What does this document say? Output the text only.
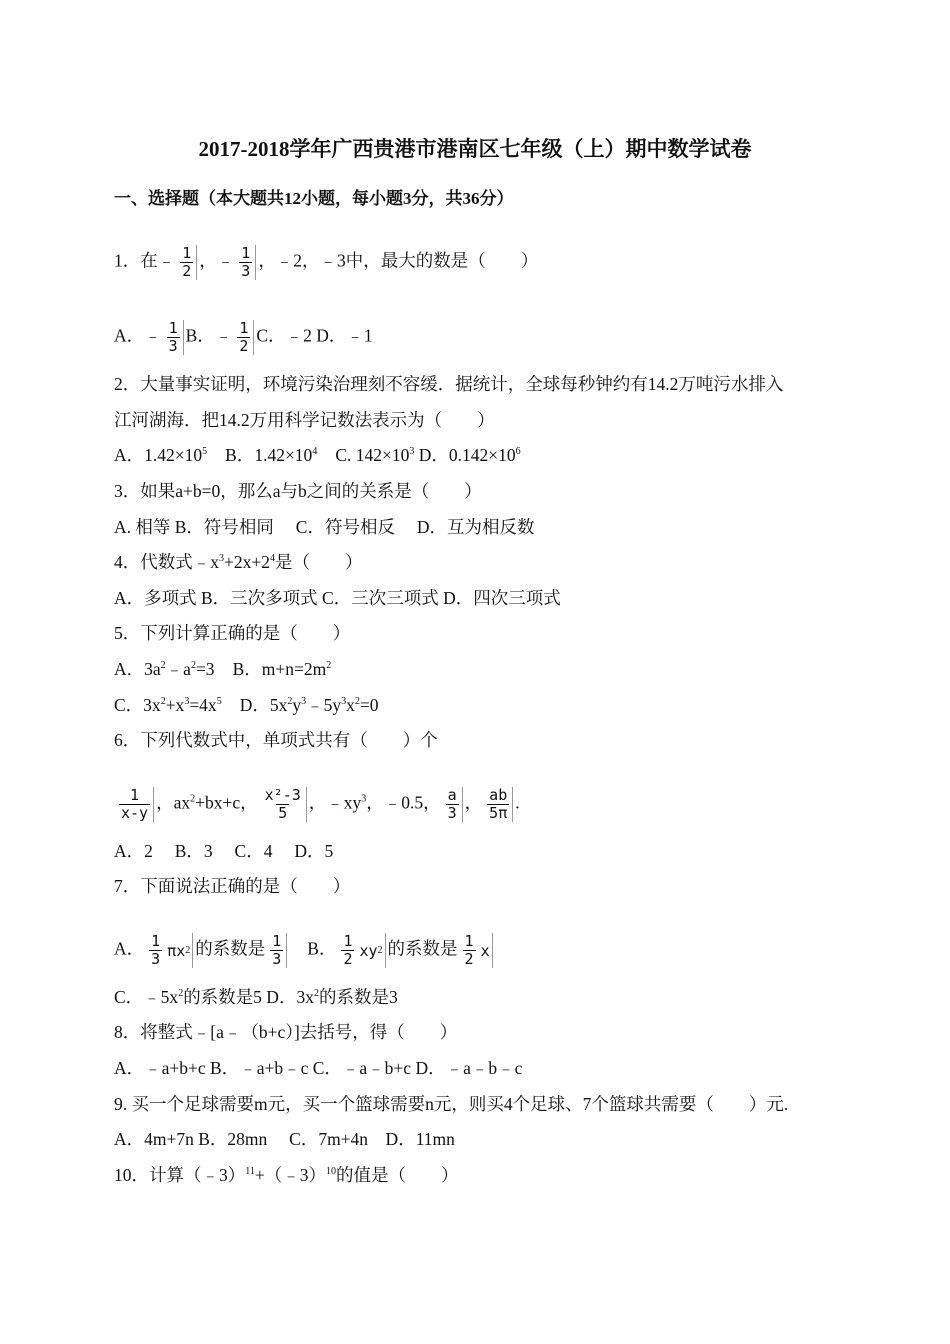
2017-2018学年广西贵港市港南区七年级（上）期中数学试卷
一、选择题（本大题共12小题，每小题3分，共36分）
1．在﹣ $\frac{1}{2}$ ，﹣ $\frac{1}{3}$ ，﹣2，﹣3中，最大的数是（　　）
A．﹣ $\frac{1}{3}$ B．﹣ $\frac{1}{2}$ C．﹣2 D．﹣1
2．大量事实证明，环境污染治理刻不容缓．据统计，全球每秒钟约有14.2万吨污水排入
江河湖海．把14.2万用科学记数法表示为（　　）
A．$1.42\times 10^5$ B．$1.42\times 10^4$ C. $142\times 10^3$ D．$0.142\times 10^6$
3．如果a+b=0，那么a与b之间的关系是（　　）
A. 相等 B．符号相同　 C．符号相反　 D．互为相反数
4．代数式$﹣x^3+2x+2^4$是（　　）
A．多项式 B．三次多项式 C．三次三项式 D．四次三项式
5．下列计算正确的是（　　）
A．$3a^2﹣a^2=3$ B．$m+n=2m^2$
C．$3x^2+x^3=4x^5$ D．$5x^2y^3﹣5y^3x^2=0$
6．下列代数式中，单项式共有（　　）个
$\frac{1}{x-y}$ ，$ax^2+bx+c$， $\frac{\text{x²-3}}{5}$ ，$﹣xy^3$，﹣0.5， $\frac{a}{3}$ ， $\frac{ab}{5\pi}$ .
A．2　 B．3　 C．4　 D．5
7．下面说法正确的是（　　）
A． $\frac{1}{3}$ πx 2 的系数是 $\frac{1}{3}$ B． $\frac{1}{2}$ xy 2 的系数是 $\frac{1}{2}$ x
C．$﹣5x^2$的系数是5 D．$3x^2$的系数是3
8．将整式﹣[a﹣（b+c）]去括号，得（　　）
A．﹣a+b+c B．﹣a+b﹣c C．﹣a﹣b+c D．﹣a﹣b﹣c
9. 买一个足球需要m元，买一个篮球需要n元，则买4个足球、7个篮球共需要（　　）元.
A．4m+7n B．28mn　 C．7m+4n　D．11mn
10．计算（﹣3）$^{11}$+（﹣3）$^{10}$的值是（　　）
